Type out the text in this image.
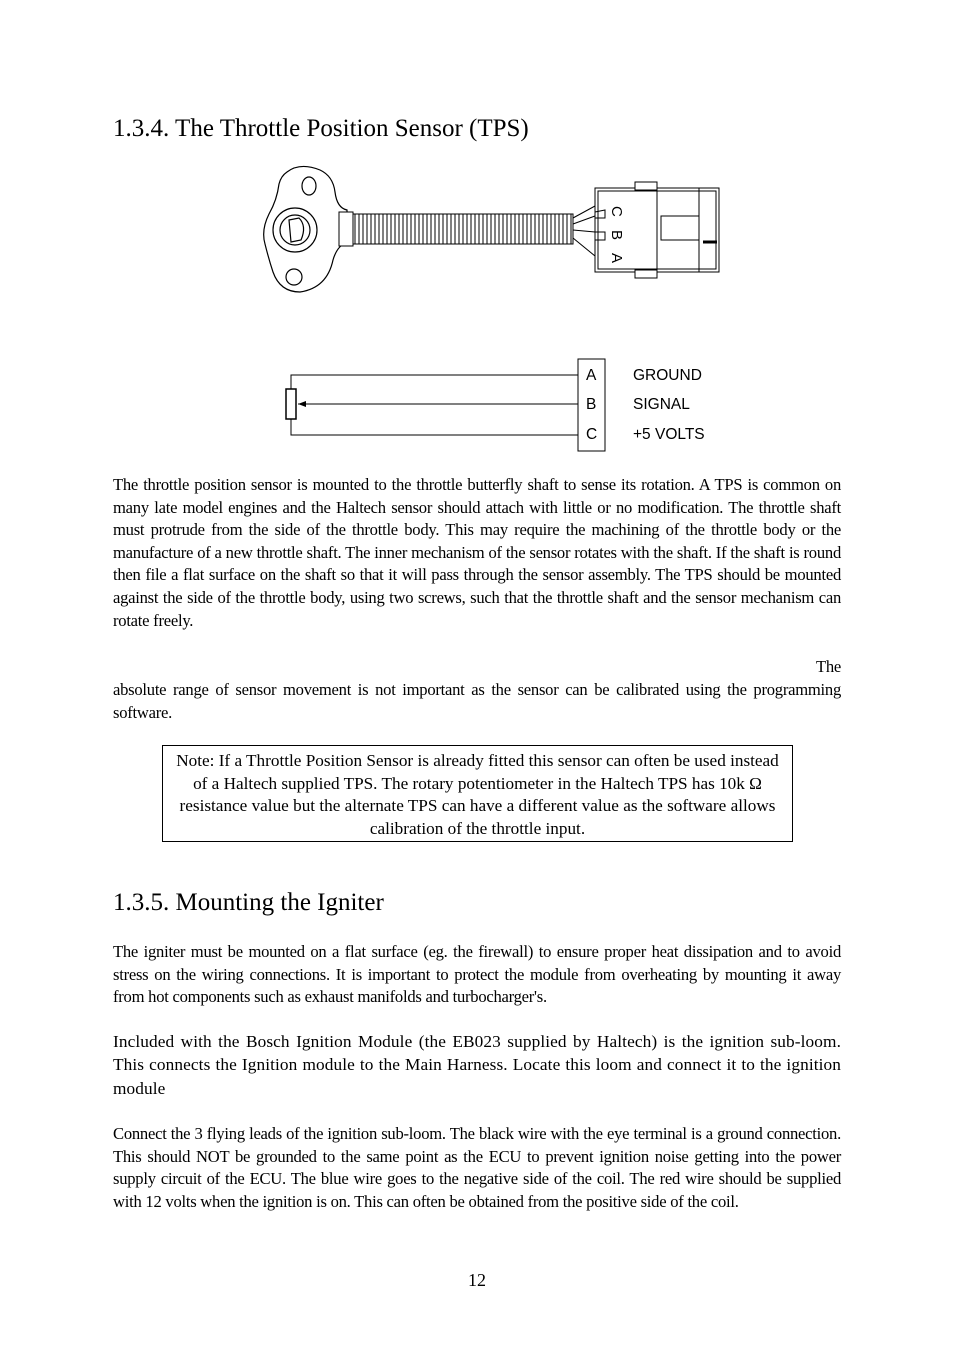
1.3.4. The Throttle Position Sensor (TPS)
C
B
A
A
B
C
GROUND
SIGNAL
+5 VOLTS

The throttle position sensor is mounted to the throttle butterfly shaft to sense its rotation. A TPS is common on many late model engines and the Haltech sensor should attach with little or no modification. The throttle shaft must protrude from the side of the throttle body. This may require the machining of the throttle body or the manufacture of a new throttle shaft. The inner mechanism of the sensor rotates with the shaft. If the shaft is round then file a flat surface on the shaft so that it will pass through the sensor assembly. The TPS should be mounted against the side of the throttle body, using two screws, such that the throttle shaft and the sensor mechanism can rotate freely.

The

absolute range of sensor movement is not important as the sensor can be calibrated using the programming software.

Note: If a Throttle Position Sensor is already fitted this sensor can often be used instead of a Haltech supplied TPS. The rotary potentiometer in the Haltech TPS has 10k Ω resistance value but the alternate TPS can have a different value as the software allows calibration of the throttle input.
1.3.5. Mounting the Igniter

The igniter must be mounted on a flat surface (eg. the firewall) to ensure proper heat dissipation and to avoid stress on the wiring connections. It is important to protect the module from overheating by mounting it away from hot components such as exhaust manifolds and turbocharger's.

Included with the Bosch Ignition Module (the EB023 supplied by Haltech) is the ignition sub-loom. This connects the Ignition module to the Main Harness. Locate this loom and connect it to the ignition module

Connect the 3 flying leads of the ignition sub-loom. The black wire with the eye terminal is a ground connection. This should NOT be grounded to the same point as the ECU to prevent ignition noise getting into the power supply circuit of the ECU. The blue wire goes to the negative side of the coil. The red wire should be supplied with 12 volts when the ignition is on. This can often be obtained from the positive side of the coil.

12
